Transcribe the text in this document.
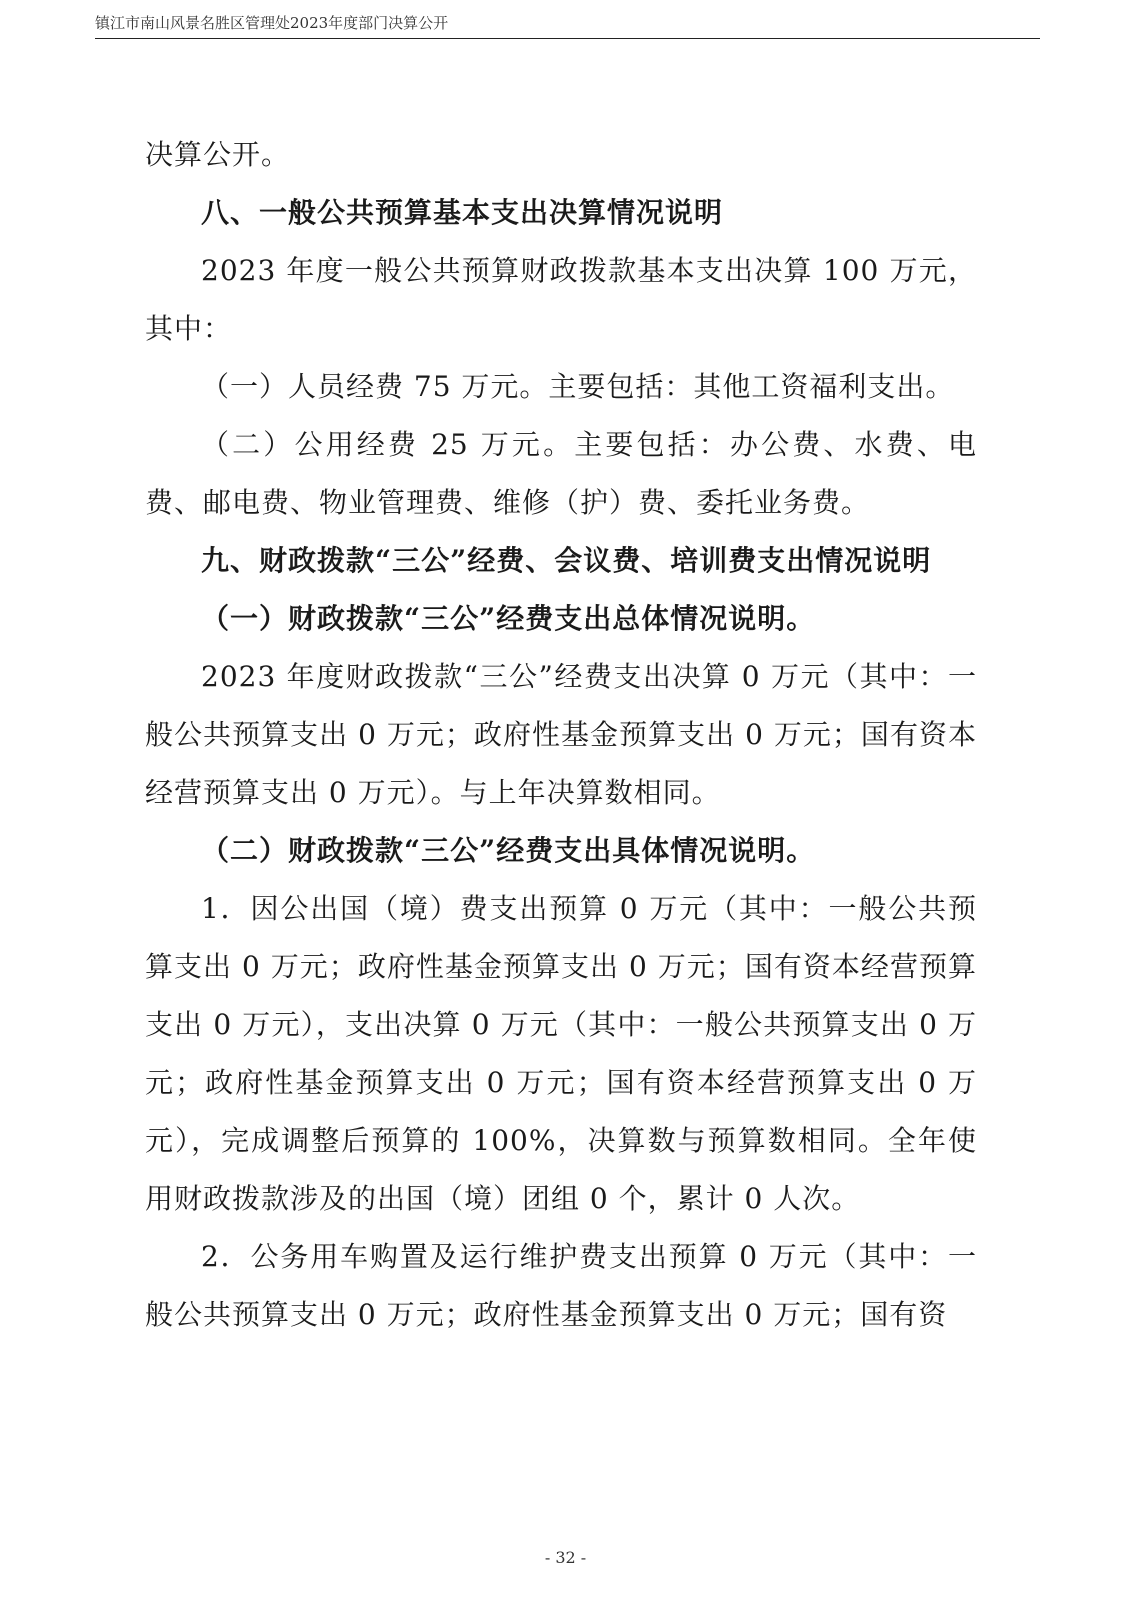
镇江市南山风景名胜区管理处2023年度部门决算公开

决算公开。

八、一般公共预算基本支出决算情况说明

2023 年度一般公共预算财政拨款基本支出决算 100 万元，其中：

（一）人员经费 75 万元。主要包括：其他工资福利支出。

（二）公用经费 25 万元。主要包括：办公费、水费、电费、邮电费、物业管理费、维修（护）费、委托业务费。

九、财政拨款“三公”经费、会议费、培训费支出情况说明

（一）财政拨款“三公”经费支出总体情况说明。

2023 年度财政拨款“三公”经费支出决算 0 万元（其中：一般公共预算支出 0 万元；政府性基金预算支出 0 万元；国有资本经营预算支出 0 万元）。与上年决算数相同。

（二）财政拨款“三公”经费支出具体情况说明。

1．因公出国（境）费支出预算 0 万元（其中：一般公共预算支出 0 万元；政府性基金预算支出 0 万元；国有资本经营预算支出 0 万元），支出决算 0 万元（其中：一般公共预算支出 0 万元；政府性基金预算支出 0 万元；国有资本经营预算支出 0 万元），完成调整后预算的 100%，决算数与预算数相同。全年使用财政拨款涉及的出国（境）团组 0 个，累计 0 人次。

2．公务用车购置及运行维护费支出预算 0 万元（其中：一般公共预算支出 0 万元；政府性基金预算支出 0 万元；国有资

- 32 -
